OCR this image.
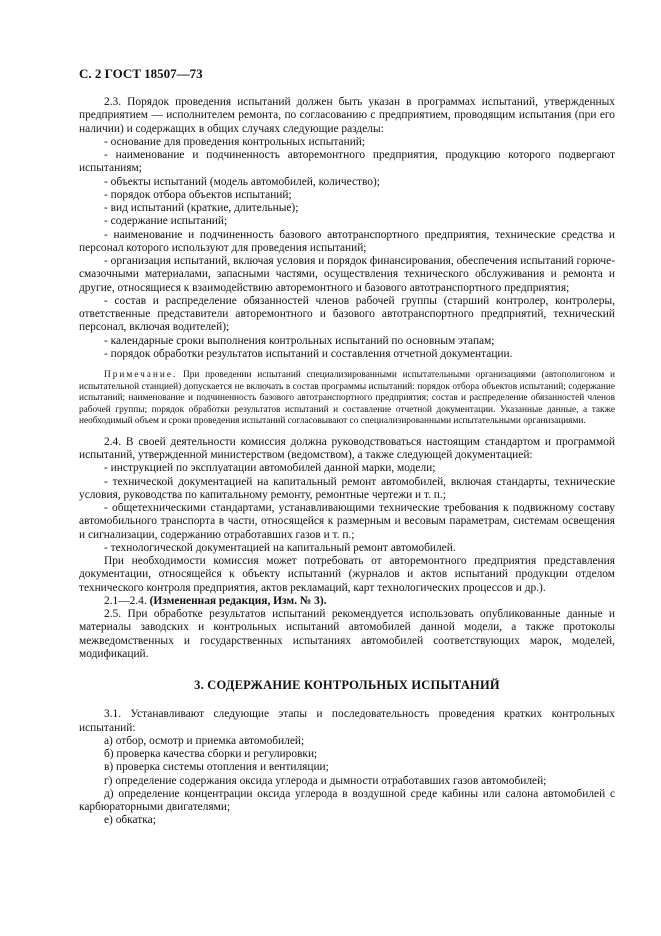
С. 2 ГОСТ 18507—73

2.3. Порядок проведения испытаний должен быть указан в программах испытаний, утвержденных предприятием — исполнителем ремонта, по согласованию с предприятием, проводящим испытания (при его наличии) и содержащих в общих случаях следующие разделы:

- основание для проведения контрольных испытаний;

- наименование и подчиненность авторемонтного предприятия, продукцию которого подвергают испытаниям;

- объекты испытаний (модель автомобилей, количество);

- порядок отбора объектов испытаний;

- вид испытаний (краткие, длительные);

- содержание испытаний;

- наименование и подчиненность базового автотранспортного предприятия, технические средства и персонал которого используют для проведения испытаний;

- организация испытаний, включая условия и порядок финансирования, обеспечения испытаний горюче-смазочными материалами, запасными частями, осуществления технического обслуживания и ремонта и другие, относящиеся к взаимодействию авторемонтного и базового автотранспортного предприятия;

- состав и распределение обязанностей членов рабочей группы (старший контролер, контролеры, ответственные представители авторемонтного и базового автотранспортного предприятий, технический персонал, включая водителей);

- календарные сроки выполнения контрольных испытаний по основным этапам;

- порядок обработки результатов испытаний и составления отчетной документации.

Примечание. При проведении испытаний специализированными испытательными организациями (автополигоном и испытательной станцией) допускается не включать в состав программы испытаний: порядок отбора объектов испытаний; содержание испытаний; наименование и подчиненность базового автотранспортного предприятия; состав и распределение обязанностей членов рабочей группы; порядок обработки результатов испытаний и составление отчетной документации. Указанные данные, а также необходимый объем и сроки проведения испытаний согласовывают со специализированными испытательными организациями.

2.4. В своей деятельности комиссия должна руководствоваться настоящим стандартом и программой испытаний, утвержденной министерством (ведомством), а также следующей документацией:

- инструкцией по эксплуатации автомобилей данной марки, модели;

- технической документацией на капитальный ремонт автомобилей, включая стандарты, технические условия, руководства по капитальному ремонту, ремонтные чертежи и т. п.;

- общетехническими стандартами, устанавливающими технические требования к подвижному составу автомобильного транспорта в части, относящейся к размерным и весовым параметрам, системам освещения и сигнализации, содержанию отработавших газов и т. п.;

- технологической документацией на капитальный ремонт автомобилей.

При необходимости комиссия может потребовать от авторемонтного предприятия представления документации, относящейся к объекту испытаний (журналов и актов испытаний продукции отделом технического контроля предприятия, актов рекламаций, карт технологических процессов и др.).

2.1—2.4. (Измененная редакция, Изм. № 3).

2.5. При обработке результатов испытаний рекомендуется использовать опубликованные данные и материалы заводских и контрольных испытаний автомобилей данной модели, а также протоколы межведомственных и государственных испытаниях автомобилей соответствующих марок, моделей, модификаций.

3. СОДЕРЖАНИЕ КОНТРОЛЬНЫХ ИСПЫТАНИЙ

3.1. Устанавливают следующие этапы и последовательность проведения кратких контрольных испытаний:

а) отбор, осмотр и приемка автомобилей;

б) проверка качества сборки и регулировки;

в) проверка системы отопления и вентиляции;

г) определение содержания оксида углерода и дымности отработавших газов автомобилей;

д) определение концентрации оксида углерода в воздушной среде кабины или салона автомобилей с карбюраторными двигателями;

е) обкатка;
